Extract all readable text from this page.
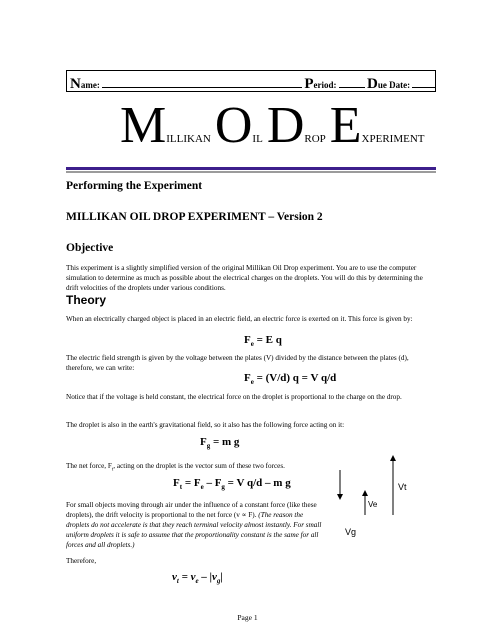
Name:	Period: Due Date:
MILLIKAN OIL DROP EXPERIMENT
Performing the Experiment
MILLIKAN OIL DROP EXPERIMENT – Version 2
Objective
This experiment is a slightly simplified version of the original Millikan Oil Drop experiment. You are to use the computer simulation to determine as much as possible about the electrical charges on the droplets. You will do this by determining the drift velocities of the droplets under various conditions.
Theory
When an electrically charged object is placed in an electric field, an electric force is exerted on it. This force is given by:
$F_e = E$ q
The electric field strength is given by the voltage between the plates (V) divided by the distance between the plates (d), therefore, we can write:
$F_e = (V/d) q = V$ q/d
Notice that if the voltage is held constant, the electrical force on the droplet is proportional to the charge on the drop.
The droplet is also in the earth's gravitational field, so it also has the following force acting on it:
$F_g = m$ g
The net force, $F_t$, acting on the droplet is the vector sum of these two forces.
$F_t = F_e - F_g = V$ q/d – m g
For small objects moving through air under the influence of a constant force (like these droplets), the drift velocity is proportional to the net force (v ∝ F). (The reason the droplets do not accelerate is that they reach terminal velocity almost instantly. For small uniform droplets it is safe to assume that the proportionality constant is the same for all forces and all droplets.)
Therefore,
$v_t = v_e - |v_g|$
Vt
Ve
Vg
Page 1
